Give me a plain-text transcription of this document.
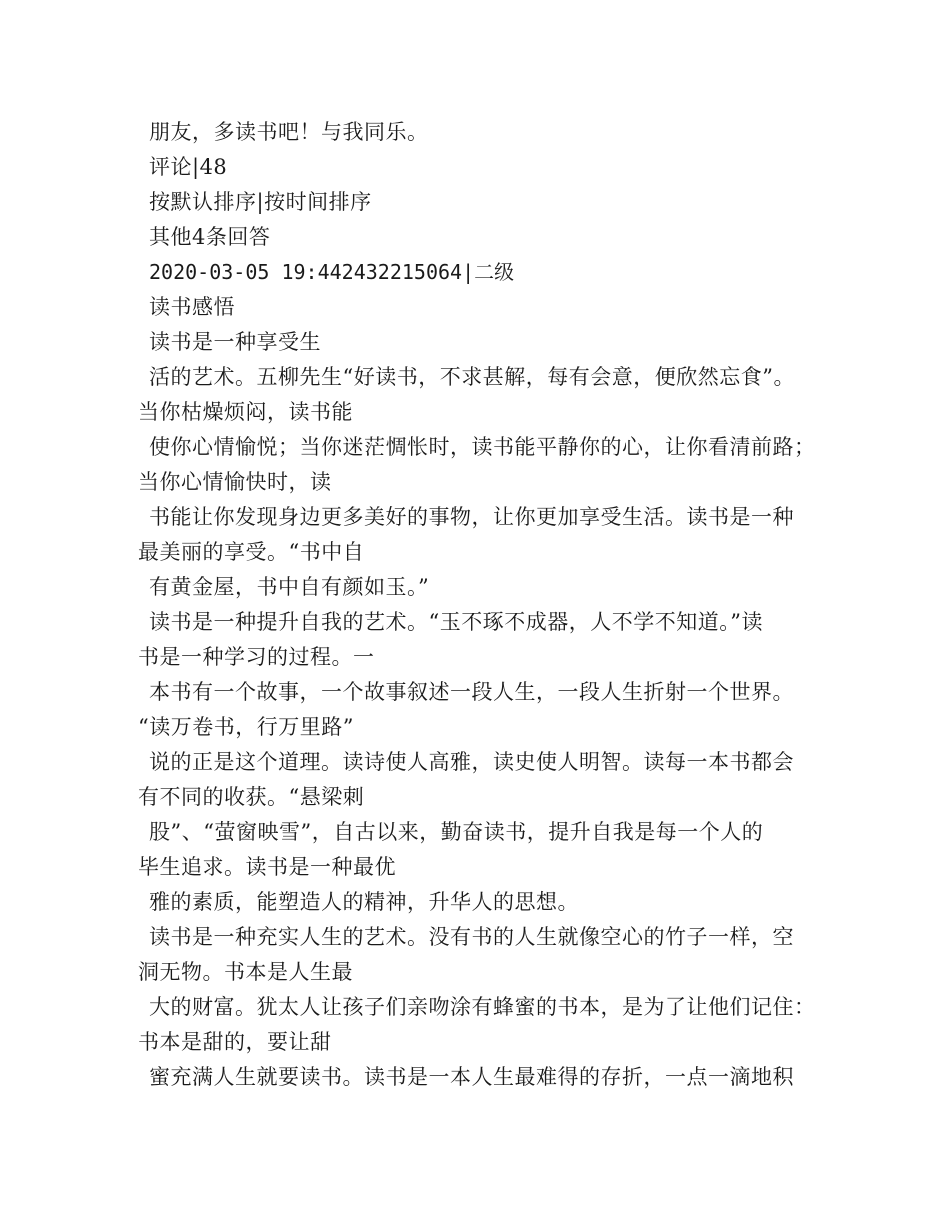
朋友，多读书吧！与我同乐。
评论|48
按默认排序|按时间排序
其他4条回答
2020-03-05 19:442432215064|二级
读书感悟
读书是一种享受生
活的艺术。五柳先生“好读书，不求甚解，每有会意，便欣然忘食”。
当你枯燥烦闷，读书能
使你心情愉悦；当你迷茫惆怅时，读书能平静你的心，让你看清前路；
当你心情愉快时，读
书能让你发现身边更多美好的事物，让你更加享受生活。读书是一种
最美丽的享受。“书中自
有黄金屋，书中自有颜如玉。”
读书是一种提升自我的艺术。“玉不琢不成器，人不学不知道。”读
书是一种学习的过程。一
本书有一个故事，一个故事叙述一段人生，一段人生折射一个世界。
“读万卷书，行万里路”
说的正是这个道理。读诗使人高雅，读史使人明智。读每一本书都会
有不同的收获。“悬梁刺
股”、“萤窗映雪”，自古以来，勤奋读书，提升自我是每一个人的
毕生追求。读书是一种最优
雅的素质，能塑造人的精神，升华人的思想。
读书是一种充实人生的艺术。没有书的人生就像空心的竹子一样，空
洞无物。书本是人生最
大的财富。犹太人让孩子们亲吻涂有蜂蜜的书本，是为了让他们记住：
书本是甜的，要让甜
蜜充满人生就要读书。读书是一本人生最难得的存折，一点一滴地积
